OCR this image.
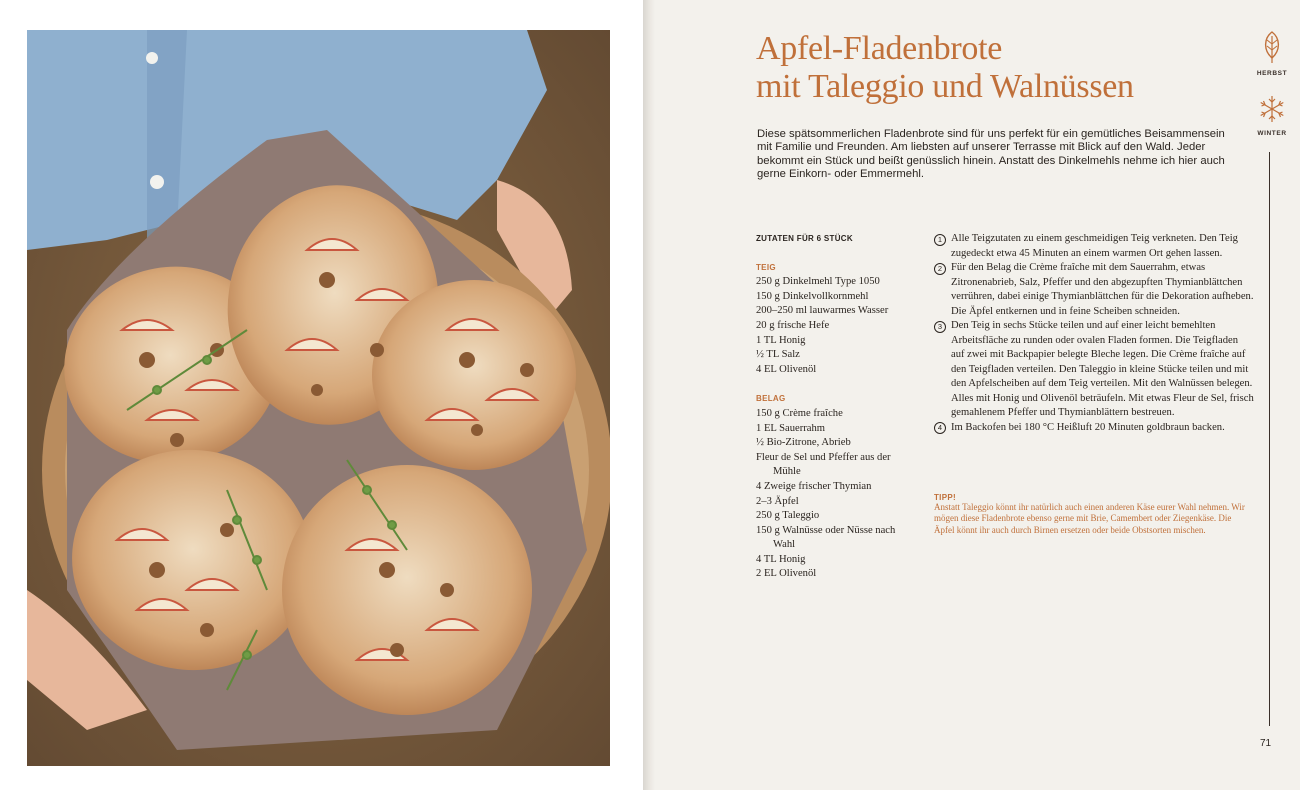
Apfel-Fladenbrote
mit Taleggio und Walnüssen

Diese spätsommerlichen Fladenbrote sind für uns perfekt für ein gemütliches Beisammensein mit Familie und Freunden. Am liebsten auf unserer Terrasse mit Blick auf den Wald. Jeder bekommt ein Stück und beißt genüsslich hinein. Anstatt des Dinkelmehls nehme ich hier auch gerne Einkorn- oder Emmermehl.

HERBST
WINTER
ZUTATEN FÜR 6 STÜCK
TEIG
250 g Dinkelmehl Type 1050
150 g Dinkelvollkornmehl
200–250 ml lauwarmes Wasser
20 g frische Hefe
1 TL Honig
½ TL Salz
4 EL Olivenöl
BELAG
150 g Crème fraîche
1 EL Sauerrahm
½ Bio-Zitrone, Abrieb
Fleur de Sel und Pfeffer aus der Mühle
4 Zweige frischer Thymian
2–3 Äpfel
250 g Taleggio
150 g Walnüsse oder Nüsse nach Wahl
4 TL Honig
2 EL Olivenöl
1 Alle Teigzutaten zu einem geschmeidigen Teig verkneten. Den Teig zugedeckt etwa 45 Minuten an einem warmen Ort gehen lassen.
2 Für den Belag die Crème fraîche mit dem Sauerrahm, etwas Zitronenabrieb, Salz, Pfeffer und den abgezupften Thymianblättchen verrühren, dabei einige Thymianblättchen für die Dekoration aufheben. Die Äpfel entkernen und in feine Scheiben schneiden.
3 Den Teig in sechs Stücke teilen und auf einer leicht bemehlten Arbeitsfläche zu runden oder ovalen Fladen formen. Die Teigfladen auf zwei mit Backpapier belegte Bleche legen. Die Crème fraîche auf den Teigfladen verteilen. Den Taleggio in kleine Stücke teilen und mit den Apfelscheiben auf dem Teig verteilen. Mit den Walnüssen belegen. Alles mit Honig und Olivenöl beträufeln. Mit etwas Fleur de Sel, frisch gemahlenem Pfeffer und Thymianblättern bestreuen.
4 Im Backofen bei 180 °C Heißluft 20 Minuten goldbraun backen.
TIPP!
Anstatt Taleggio könnt ihr natürlich auch einen anderen Käse eurer Wahl nehmen. Wir mögen diese Fladenbrote ebenso gerne mit Brie, Camembert oder Ziegenkäse. Die Äpfel könnt ihr auch durch Birnen ersetzen oder beide Obstsorten mischen.
71
